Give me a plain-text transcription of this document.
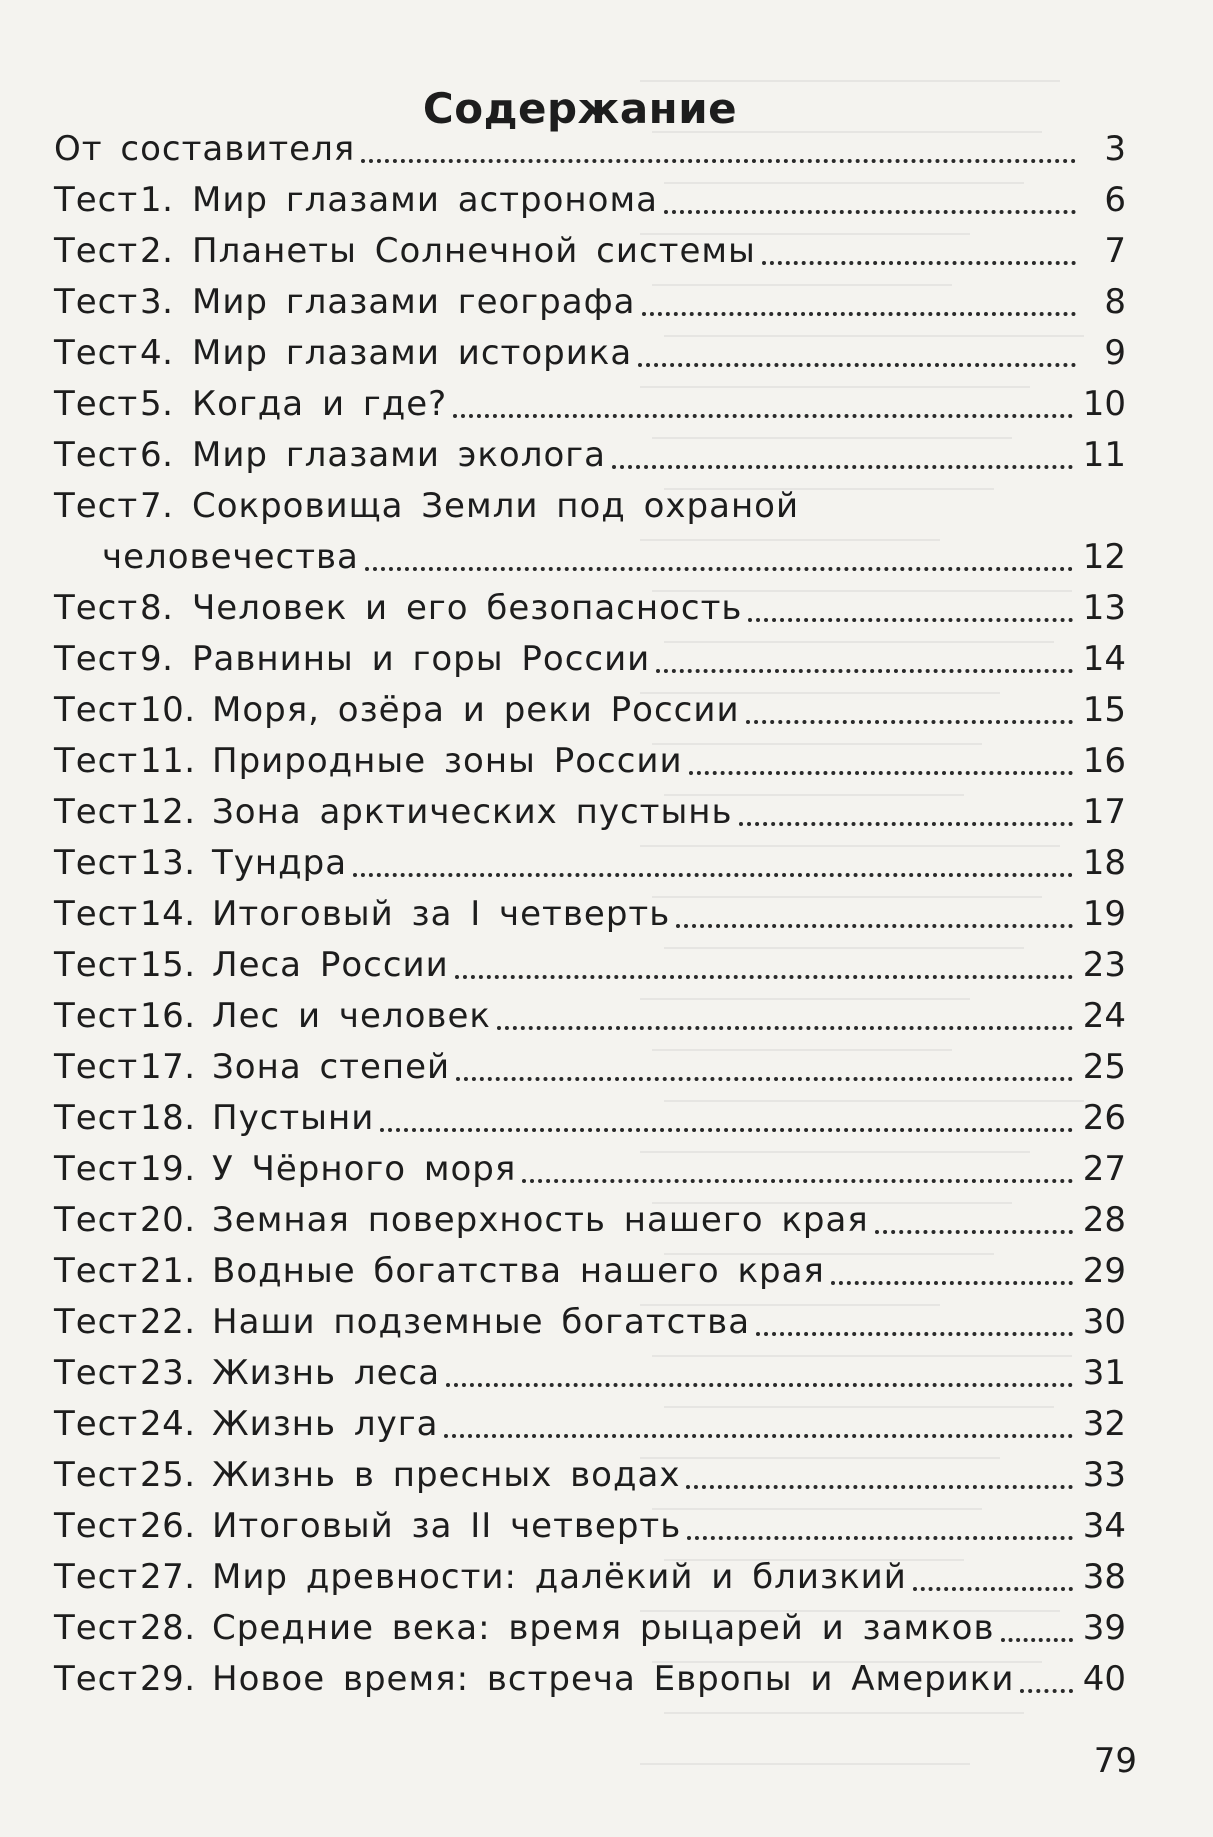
Содержание
От составителя	3
Тест 1. Мир глазами астронома	6
Тест 2. Планеты Солнечной системы	7
Тест 3. Мир глазами географа	8
Тест 4. Мир глазами историка	9
Тест 5. Когда и где?	10
Тест 6. Мир глазами эколога	11
Тест 7. Сокровища Земли под охраной
человечества	12
Тест 8. Человек и его безопасность	13
Тест 9. Равнины и горы России	14
Тест 10. Моря, озёра и реки России	15
Тест 11. Природные зоны России	16
Тест 12. Зона арктических пустынь	17
Тест 13. Тундра	18
Тест 14. Итоговый за I четверть	19
Тест 15. Леса России	23
Тест 16. Лес и человек	24
Тест 17. Зона степей	25
Тест 18. Пустыни	26
Тест 19. У Чёрного моря	27
Тест 20. Земная поверхность нашего края	28
Тест 21. Водные богатства нашего края	29
Тест 22. Наши подземные богатства	30
Тест 23. Жизнь леса	31
Тест 24. Жизнь луга	32
Тест 25. Жизнь в пресных водах	33
Тест 26. Итоговый за II четверть	34
Тест 27. Мир древности: далёкий и близкий	38
Тест 28. Средние века: время рыцарей и замков	39
Тест 29. Новое время: встреча Европы и Америки 40
79
